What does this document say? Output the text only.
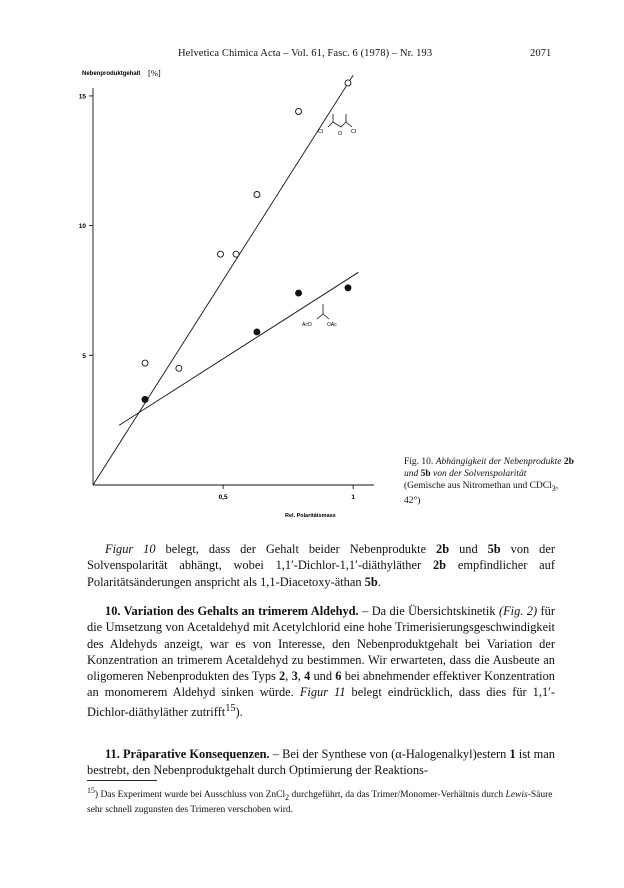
Helvetica Chimica Acta – Vol. 61, Fasc. 6 (1978) – Nr. 193	2071
Nebenproduktgehalt [%]
Rel. Polaritätsmass
5
10
15
0,5	1
Cl	O Cl
AcO	OAc
Fig. 10. Abhängigkeit der Nebenprodukte 2b und 5b von der Solvenspolarität
(Gemische aus Nitromethan und CDCl$_3$, 42°)
Figur 10 belegt, dass der Gehalt beider Nebenprodukte 2b und 5b von der Solvenspolarität abhängt, wobei 1,1′-Dichlor-1,1′-diäthyläther 2b empfindlicher auf Polaritätsänderungen anspricht als 1,1-Diacetoxy-äthan 5b.
10. Variation des Gehalts an trimerem Aldehyd. – Da die Übersichtskinetik (Fig. 2) für die Umsetzung von Acetaldehyd mit Acetylchlorid eine hohe Trimerisierungsgeschwindigkeit des Aldehyds anzeigt, war es von Interesse, den Nebenproduktgehalt bei Variation der Konzentration an trimerem Acetaldehyd zu bestimmen. Wir erwarteten, dass die Ausbeute an oligomeren Nebenprodukten des Typs 2, 3, 4 und 6 bei abnehmender effektiver Konzentration an monomerem Aldehyd sinken würde. Figur 11 belegt eindrücklich, dass dies für 1,1′-Dichlor-diäthyläther zutrifft$^{15}$).
11. Präparative Konsequenzen. – Bei der Synthese von (α-Halogenalkyl)estern 1 ist man bestrebt, den Nebenproduktgehalt durch Optimierung der Reaktions-
$^{15}$) Das Experiment wurde bei Ausschluss von ZnCl$_2$ durchgeführt, da das Trimer/Monomer-Verhältnis durch Lewis-Säure sehr schnell zugunsten des Trimeren verschoben wird.
